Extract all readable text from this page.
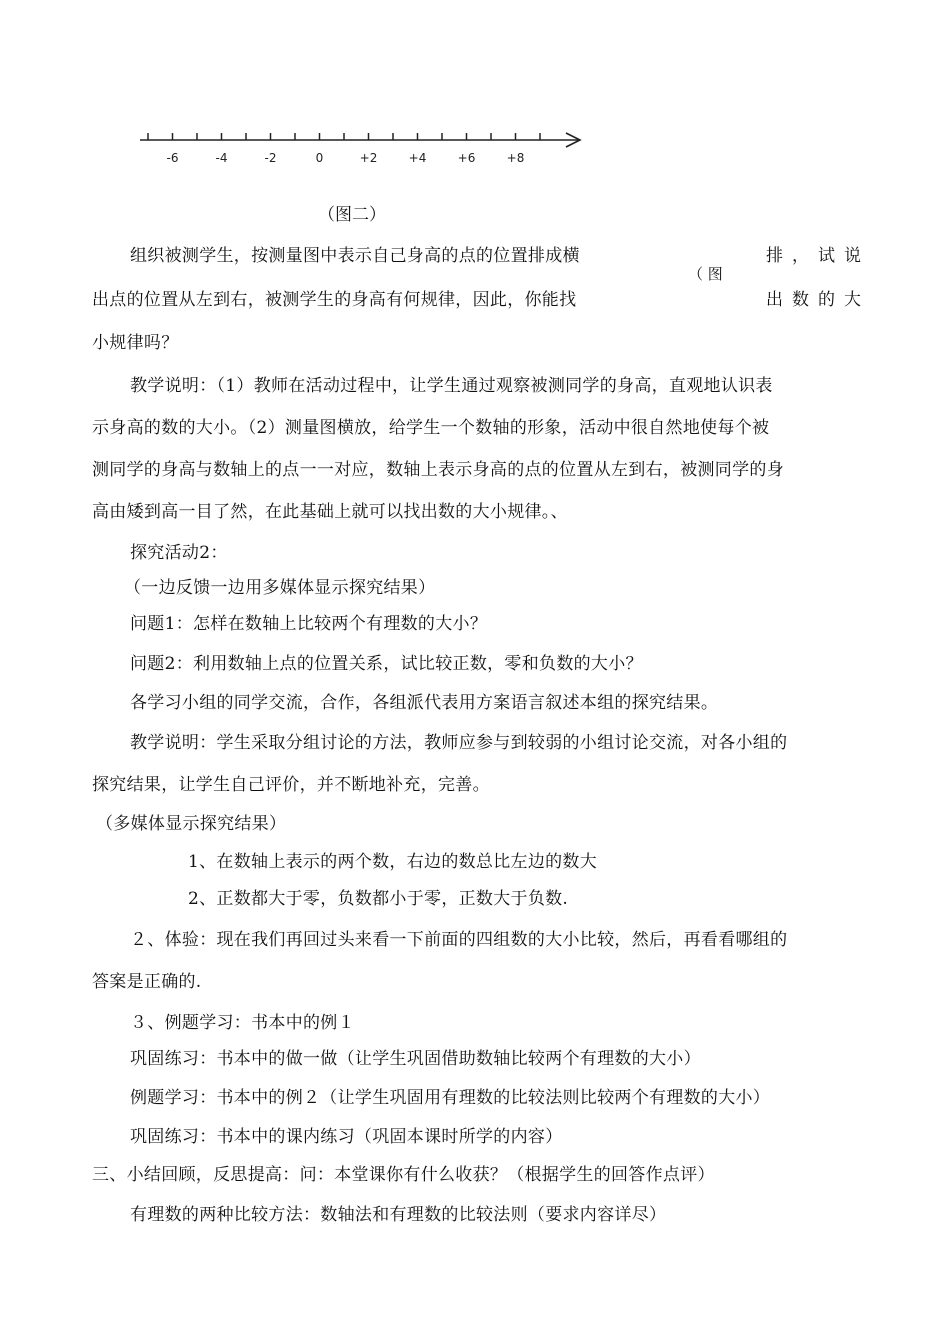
-6	-4	-2	0	+2	+4	+6	+8
（图二）
组织被测学生，按测量图中表示自己身高的点的位置排成横
（ 图
排，试说
出点的位置从左到右，被测学生的身高有何规律，因此，你能找	出数的大
小规律吗？
教学说明：（1）教师在活动过程中，让学生通过观察被测同学的身高，直观地认识表
示身高的数的大小。（2）测量图横放，给学生一个数轴的形象，活动中很自然地使每个被
测同学的身高与数轴上的点一一对应，数轴上表示身高的点的位置从左到右，被测同学的身
高由矮到高一目了然，在此基础上就可以找出数的大小规律。、
探究活动2：
（一边反馈一边用多媒体显示探究结果）
问题1：怎样在数轴上比较两个有理数的大小？
问题2：利用数轴上点的位置关系，试比较正数，零和负数的大小？
各学习小组的同学交流，合作，各组派代表用方案语言叙述本组的探究结果。
教学说明：学生采取分组讨论的方法，教师应参与到较弱的小组讨论交流，对各小组的
探究结果，让学生自己评价，并不断地补充，完善。
（多媒体显示探究结果）
1、在数轴上表示的两个数，右边的数总比左边的数大
2、正数都大于零，负数都小于零，正数大于负数.
２、体验：现在我们再回过头来看一下前面的四组数的大小比较，然后，再看看哪组的
答案是正确的.
３、例题学习：书本中的例１
巩固练习：书本中的做一做（让学生巩固借助数轴比较两个有理数的大小）
例题学习：书本中的例２（让学生巩固用有理数的比较法则比较两个有理数的大小）
巩固练习：书本中的课内练习（巩固本课时所学的内容）
三、小结回顾，反思提高：问：本堂课你有什么收获？（根据学生的回答作点评）
有理数的两种比较方法：数轴法和有理数的比较法则（要求内容详尽）
